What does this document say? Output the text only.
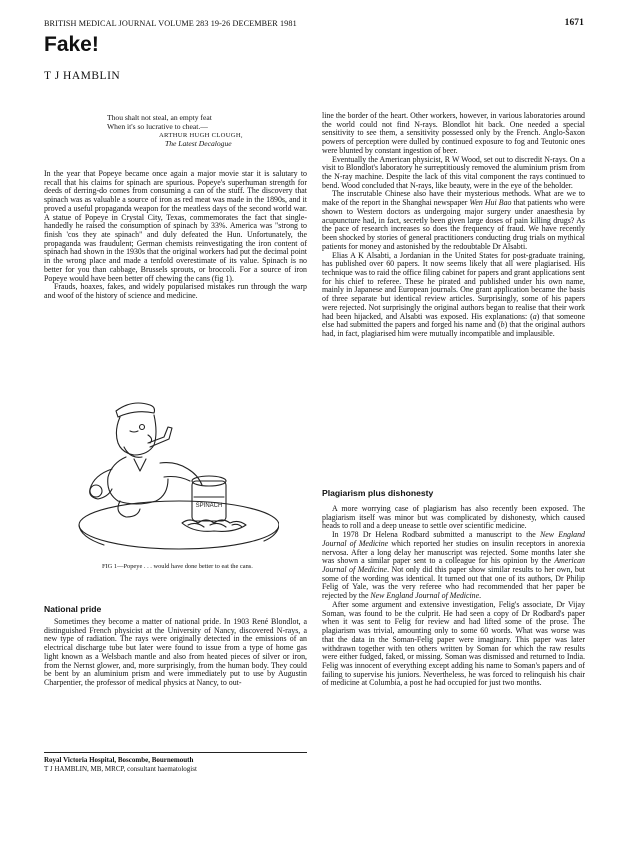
BRITISH MEDICAL JOURNAL VOLUME 283 19-26 DECEMBER 1981	1671
Fake!
T J HAMBLIN
Thou shalt not steal, an empty feat
When it's so lucrative to cheat.—
ARTHUR HUGH CLOUGH,
The Latest Decalogue

In the year that Popeye became once again a major movie star it is salutary to recall that his claims for spinach are spurious. Popeye's superhuman strength for deeds of derring-do comes from consuming a can of the stuff. The discovery that spinach was as valuable a source of iron as red meat was made in the 1890s, and it proved a useful propaganda weapon for the meatless days of the second world war. A statue of Popeye in Crystal City, Texas, commemorates the fact that single-handedly he raised the consumption of spinach by 33%. America was "strong to finish 'cos they ate spinach" and duly defeated the Hun. Unfortunately, the propaganda was fraudulent; German chemists reinvestigating the iron content of spinach had shown in the 1930s that the original workers had put the decimal point in the wrong place and made a tenfold overestimate of its value. Spinach is no better for you than cabbage, Brussels sprouts, or broccoli. For a source of iron Popeye would have been better off chewing the cans (fig 1).

Frauds, hoaxes, fakes, and widely popularised mistakes run through the warp and woof of the history of science and medicine.

SPINACH
FIG 1—Popeye . . . would have done better to eat the cans.
National pride

Sometimes they become a matter of national pride. In 1903 René Blondlot, a distinguished French physicist at the University of Nancy, discovered N-rays, a new type of radiation. The rays were originally detected in the emissions of an electrical discharge tube but later were found to issue from a type of home gas light known as a Welsbach mantle and also from heated pieces of silver or iron, from the Nernst glower, and, more surprisingly, from the human body. They could be bent by an aluminium prism and were immediately put to use by Augustin Charpentier, the professor of medical physics at Nancy, to out-

Royal Victoria Hospital, Boscombe, Bournemouth
T J HAMBLIN, MB, MRCP, consultant haematologist

line the border of the heart. Other workers, however, in various laboratories around the world could not find N-rays. Blondlot hit back. One needed a special sensitivity to see them, a sensitivity possessed only by the French. Anglo-Saxon powers of perception were dulled by continued exposure to fog and Teutonic ones were blunted by constant ingestion of beer.

Eventually the American physicist, R W Wood, set out to discredit N-rays. On a visit to Blondlot's laboratory he surreptitiously removed the aluminium prism from the N-ray machine. Despite the lack of this vital component the rays continued to bend. Wood concluded that N-rays, like beauty, were in the eye of the beholder.

The inscrutable Chinese also have their mysterious methods. What are we to make of the report in the Shanghai newspaper Wen Hui Bao that patients who were shown to Western doctors as undergoing major surgery under anaesthesia by acupuncture had, in fact, secretly been given large doses of pain killing drugs? As the pace of research increases so does the frequency of fraud. We have recently been shocked by stories of general practitioners conducting drug trials on mythical patients for money and astonished by the redoubtable Dr Alsabti.

Elias A K Alsabti, a Jordanian in the United States for post-graduate training, has published over 60 papers. It now seems likely that all were plagiarised. His technique was to raid the office filing cabinet for papers and grant applications sent for his chief to referee. These he pirated and published under his own name, mainly in Japanese and European journals. One grant application became the basis of three separate but identical review articles. Surprisingly, some of his papers were rejected. Not surprisingly the original authors began to realise that their work had been hijacked, and Alsabti was exposed. His explanations: (a) that someone else had submitted the papers and forged his name and (b) that the original authors had, in fact, plagiarised him were mutually incompatible and implausible.

Plagiarism plus dishonesty

A more worrying case of plagiarism has also recently been exposed. The plagiarism itself was minor but was complicated by dishonesty, which caused heads to roll and a deep unease to settle over scientific medicine.

In 1978 Dr Helena Rodbard submitted a manuscript to the New England Journal of Medicine which reported her studies on insulin receptors in anorexia nervosa. After a long delay her manuscript was rejected. Some months later she was shown a similar paper sent to a colleague for his opinion by the American Journal of Medicine. Not only did this paper show similar results to her own, but some of the wording was identical. It turned out that one of its authors, Dr Philip Felig of Yale, was the very referee who had recommended that her paper be rejected by the New England Journal of Medicine.

After some argument and extensive investigation, Felig's associate, Dr Vijay Soman, was found to be the culprit. He had seen a copy of Dr Rodbard's paper when it was sent to Felig for review and had lifted some of the prose. The plagiarism was trivial, amounting only to some 60 words. What was worse was that the data in the Soman-Felig paper were imaginary. This paper was later withdrawn together with ten others written by Soman for which the raw results were either fudged, faked, or missing. Soman was dismissed and returned to India. Felig was innocent of everything except adding his name to Soman's papers and of failing to supervise his juniors. Nevertheless, he was forced to relinquish his chair of medicine at Columbia, a post he had occupied for just two months.
